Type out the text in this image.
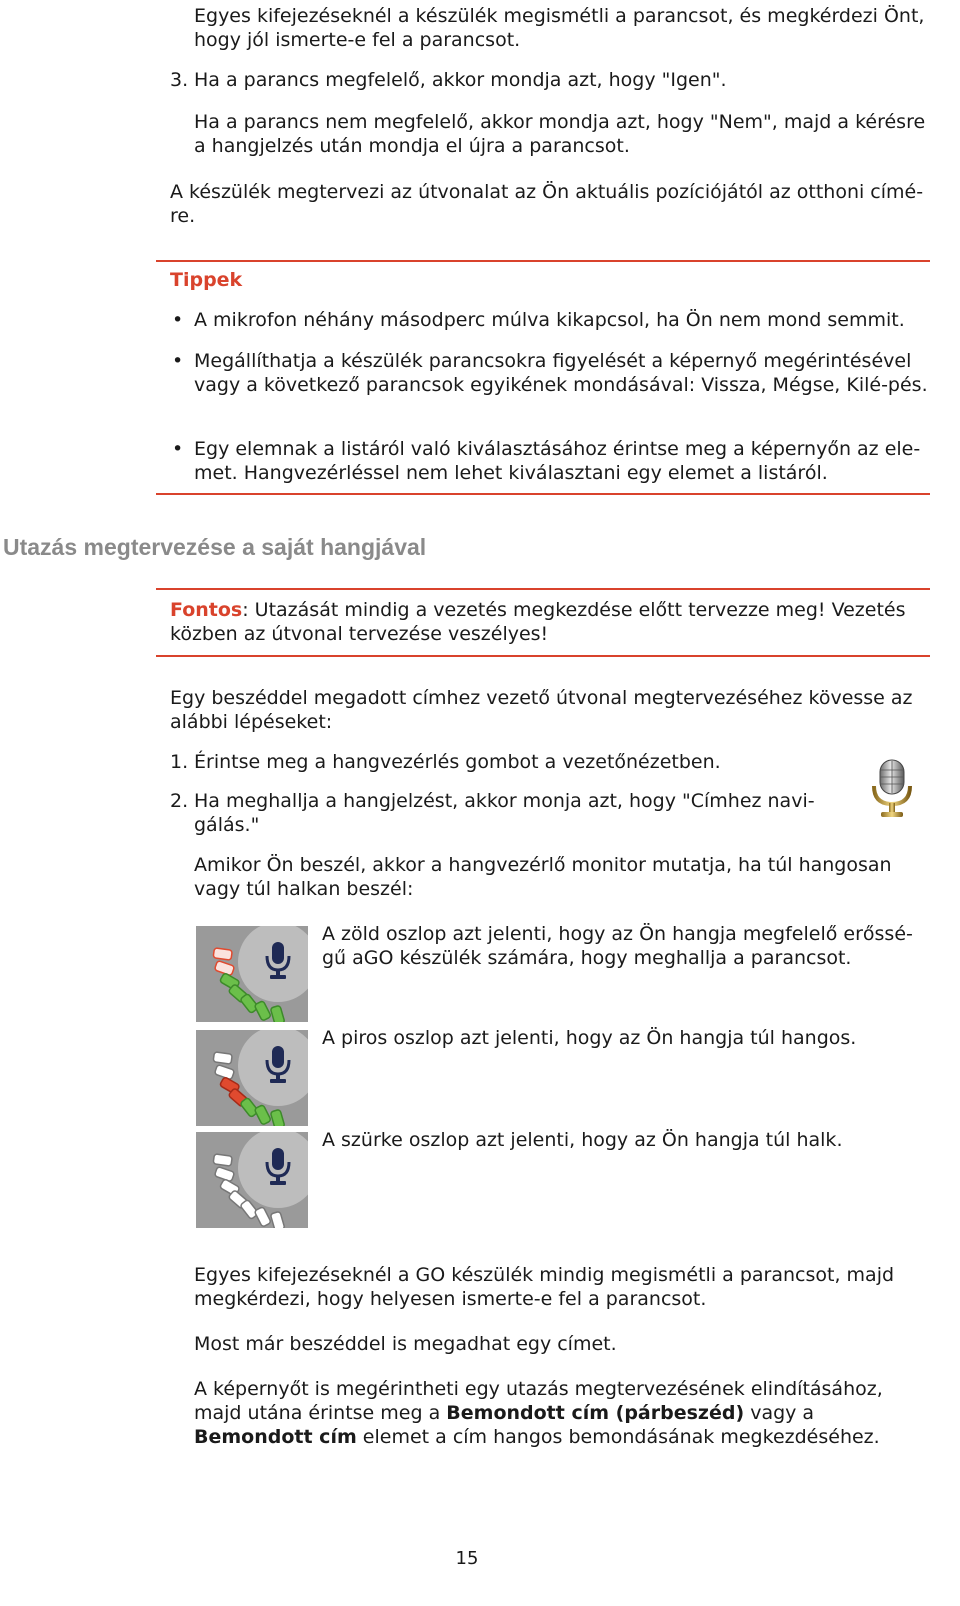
Egyes kifejezéseknél a készülék megismétli a parancsot, és megkérdezi Önt, hogy jól ismerte-e fel a parancsot.

3. Ha a parancs megfelelő, akkor mondja azt, hogy "Igen".

Ha a parancs nem megfelelő, akkor mondja azt, hogy "Nem", majd a kérésre a hangjelzés után mondja el újra a parancsot.

A készülék megtervezi az útvonalat az Ön aktuális pozíciójától az otthoni címé-re.

Tippek

• A mikrofon néhány másodperc múlva kikapcsol, ha Ön nem mond semmit.

• Megállíthatja a készülék parancsokra figyelését a képernyő megérintésével vagy a következő parancsok egyikének mondásával: Vissza, Mégse, Kilé-pés.

• Egy elemnak a listáról való kiválasztásához érintse meg a képernyőn az ele-met. Hangvezérléssel nem lehet kiválasztani egy elemet a listáról.

Utazás megtervezése a saját hangjával

Fontos: Utazását mindig a vezetés megkezdése előtt tervezze meg! Vezetés közben az útvonal tervezése veszélyes!

Egy beszéddel megadott címhez vezető útvonal megtervezéséhez kövesse az alábbi lépéseket:

1. Érintse meg a hangvezérlés gombot a vezetőnézetben.

2. Ha meghallja a hangjelzést, akkor monja azt, hogy "Címhez navi-gálás."

Amikor Ön beszél, akkor a hangvezérlő monitor mutatja, ha túl hangosan vagy túl halkan beszél:

A zöld oszlop azt jelenti, hogy az Ön hangja megfelelő erőssé-gű aGO készülék számára, hogy meghallja a parancsot.

A piros oszlop azt jelenti, hogy az Ön hangja túl hangos.

A szürke oszlop azt jelenti, hogy az Ön hangja túl halk.

Egyes kifejezéseknél a GO készülék mindig megismétli a parancsot, majd megkérdezi, hogy helyesen ismerte-e fel a parancsot.

Most már beszéddel is megadhat egy címet.

A képernyőt is megérintheti egy utazás megtervezésének elindításához, majd utána érintse meg a Bemondott cím (párbeszéd) vagy a Bemondott cím elemet a cím hangos bemondásának megkezdéséhez.

15
